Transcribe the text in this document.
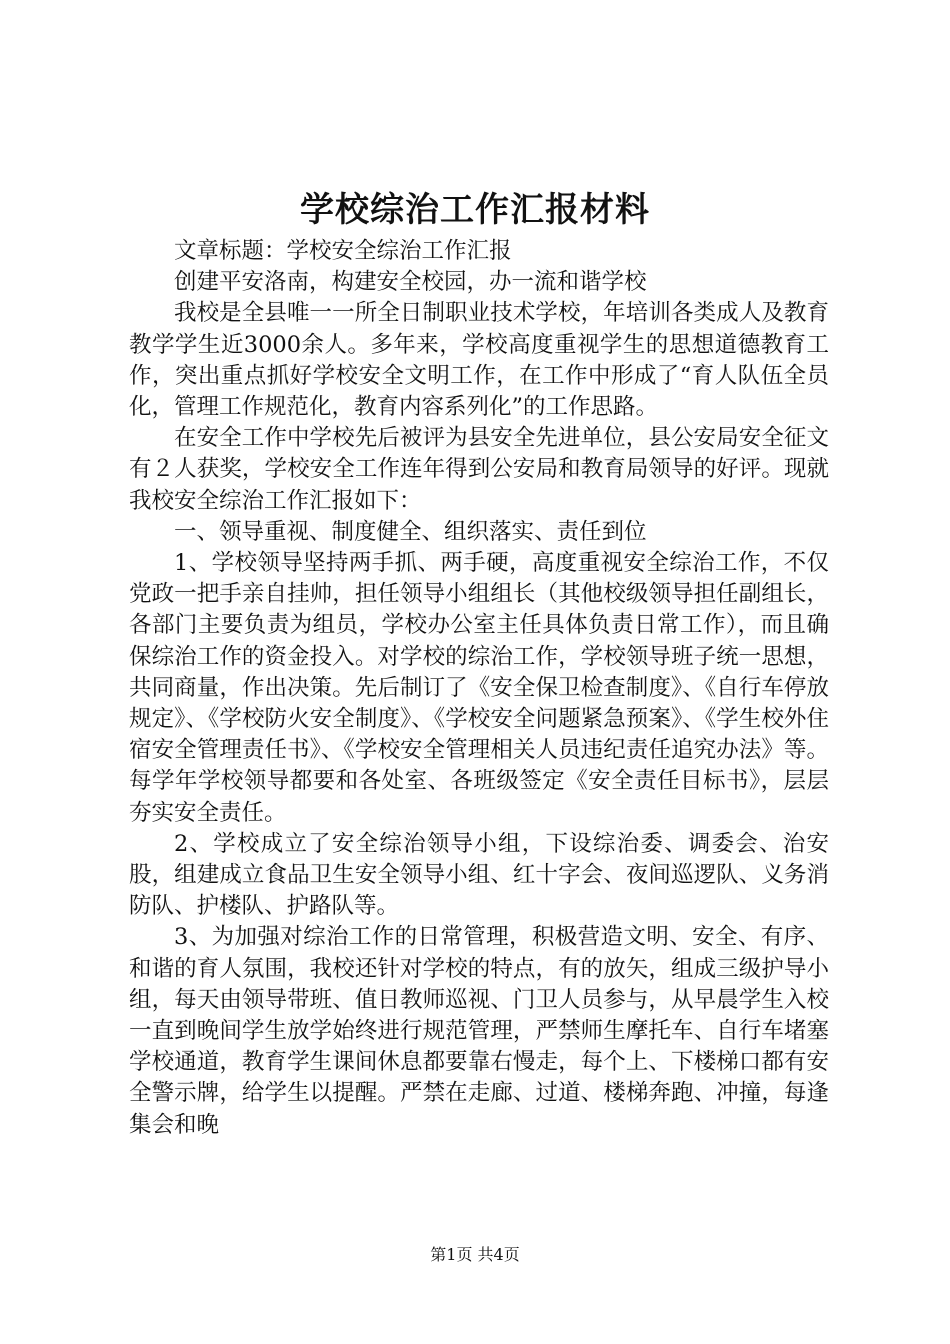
学校综治工作汇报材料

文章标题：学校安全综治工作汇报

创建平安洛南，构建安全校园，办一流和谐学校

我校是全县唯一一所全日制职业技术学校，年培训各类成人及教育教学学生近3000余人。多年来，学校高度重视学生的思想道德教育工作，突出重点抓好学校安全文明工作，在工作中形成了“育人队伍全员化，管理工作规范化，教育内容系列化”的工作思路。

在安全工作中学校先后被评为县安全先进单位，县公安局安全征文有２人获奖，学校安全工作连年得到公安局和教育局领导的好评。现就我校安全综治工作汇报如下：

一、领导重视、制度健全、组织落实、责任到位

1、学校领导坚持两手抓、两手硬，高度重视安全综治工作，不仅党政一把手亲自挂帅，担任领导小组组长（其他校级领导担任副组长，各部门主要负责为组员，学校办公室主任具体负责日常工作），而且确保综治工作的资金投入。对学校的综治工作，学校领导班子统一思想，共同商量，作出决策。先后制订了《安全保卫检查制度》、《自行车停放规定》、《学校防火安全制度》、《学校安全问题紧急预案》、《学生校外住宿安全管理责任书》、《学校安全管理相关人员违纪责任追究办法》等。每学年学校领导都要和各处室、各班级签定《安全责任目标书》，层层夯实安全责任。

2、学校成立了安全综治领导小组，下设综治委、调委会、治安股，组建成立食品卫生安全领导小组、红十字会、夜间巡逻队、义务消防队、护楼队、护路队等。

3、为加强对综治工作的日常管理，积极营造文明、安全、有序、和谐的育人氛围，我校还针对学校的特点，有的放矢，组成三级护导小组，每天由领导带班、值日教师巡视、门卫人员参与，从早晨学生入校一直到晚间学生放学始终进行规范管理，严禁师生摩托车、自行车堵塞学校通道，教育学生课间休息都要靠右慢走，每个上、下楼梯口都有安全警示牌，给学生以提醒。严禁在走廊、过道、楼梯奔跑、冲撞，每逢集会和晚

第1页 共4页
